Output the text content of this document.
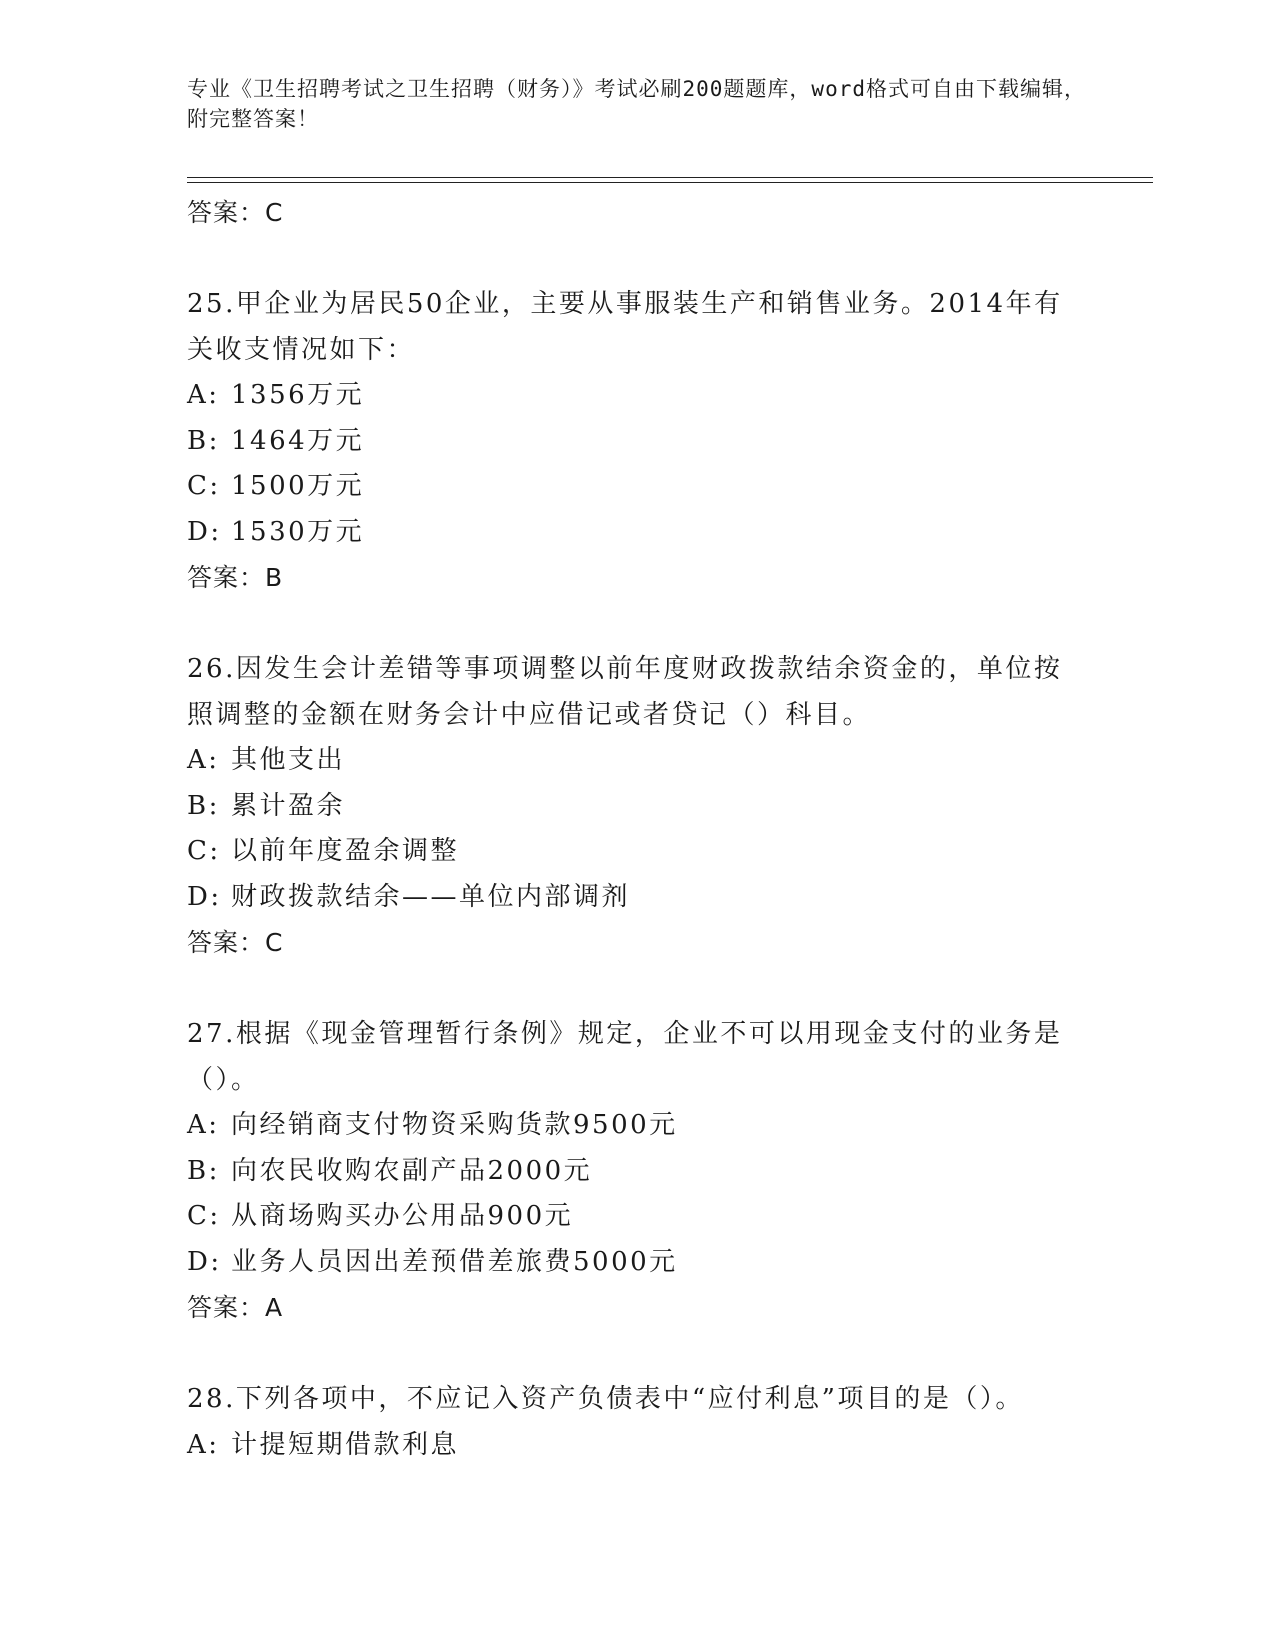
专业《卫生招聘考试之卫生招聘（财务）》考试必刷200题题库，word格式可自由下载编辑，附完整答案！
答案：C
25.甲企业为居民50企业，主要从事服装生产和销售业务。2014年有关收支情况如下：
A: 1356万元
B: 1464万元
C: 1500万元
D: 1530万元
答案：B
26.因发生会计差错等事项调整以前年度财政拨款结余资金的，单位按照调整的金额在财务会计中应借记或者贷记（）科目。
A: 其他支出
B: 累计盈余
C: 以前年度盈余调整
D: 财政拨款结余——单位内部调剂
答案：C
27.根据《现金管理暂行条例》规定，企业不可以用现金支付的业务是（）。
A: 向经销商支付物资采购货款9500元
B: 向农民收购农副产品2000元
C: 从商场购买办公用品900元
D: 业务人员因出差预借差旅费5000元
答案：A
28.下列各项中，不应记入资产负债表中“应付利息”项目的是（）。
A: 计提短期借款利息
